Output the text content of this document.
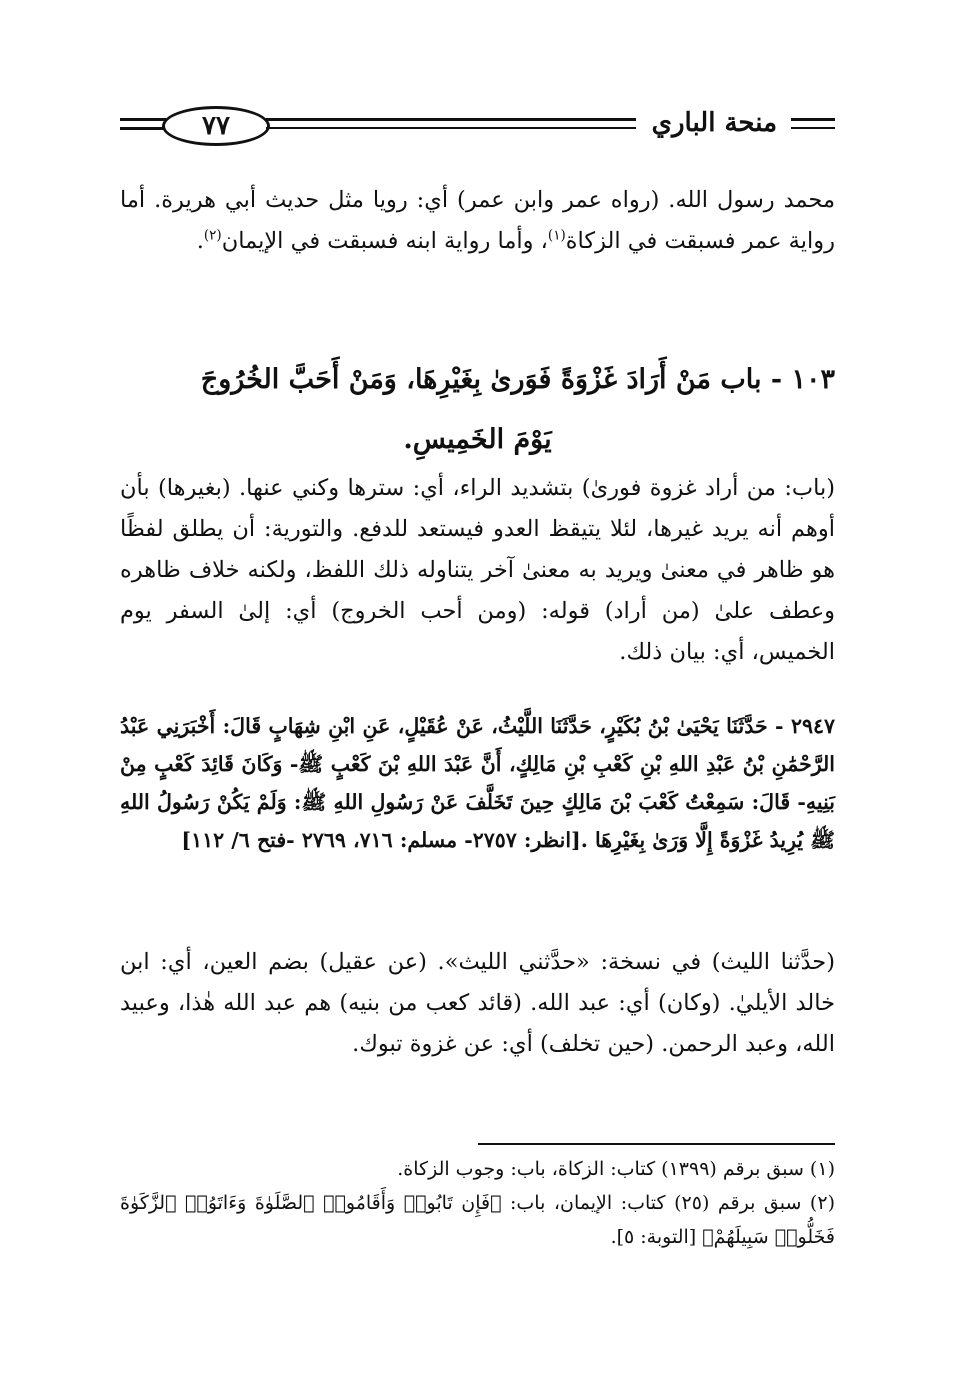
٧٧	منحة الباري

محمد رسول الله. (رواه عمر وابن عمر) أي: رويا مثل حديث أبي هريرة. أما رواية عمر فسبقت في الزكاة$^{(١)}$، وأما رواية ابنه فسبقت في الإيمان$^{(٢)}$.

١٠٣ - باب مَنْ أَرَادَ غَزْوَةً فَوَرىٰ بِغَيْرِهَا، وَمَنْ أَحَبَّ الخُرُوجَ
يَوْمَ الخَمِيسِ.

(باب: من أراد غزوة فورىٰ) بتشديد الراء، أي: سترها وكني عنها. (بغيرها) بأن أوهم أنه يريد غيرها، لئلا يتيقظ العدو فيستعد للدفع. والتورية: أن يطلق لفظًا هو ظاهر في معنىٰ ويريد به معنىٰ آخر يتناوله ذلك اللفظ، ولكنه خلاف ظاهره وعطف علىٰ (من أراد) قوله: (ومن أحب الخروج) أي: إلىٰ السفر يوم الخميس، أي: بيان ذلك.

٢٩٤٧ - حَدَّثَنَا يَحْيَىٰ بْنُ بُكَيْرٍ، حَدَّثَنَا اللَّيْثُ، عَنْ عُقَيْلٍ، عَنِ ابْنِ شِهَابٍ قَالَ: أَخْبَرَنِي عَبْدُ الرَّحْمَٰنِ بْنُ عَبْدِ اللهِ بْنِ كَعْبِ بْنِ مَالِكٍ، أَنَّ عَبْدَ اللهِ بْنَ كَعْبٍ ﷺ- وَكَانَ قَائِدَ كَعْبٍ مِنْ بَنِيهِ- قَالَ: سَمِعْتُ كَعْبَ بْنَ مَالِكٍ حِينَ تَخَلَّفَ عَنْ رَسُولِ اللهِ ﷺ: وَلَمْ يَكُنْ رَسُولُ اللهِ ﷺ يُرِيدُ غَزْوَةً إِلَّا وَرَىٰ بِغَيْرِهَا .[انظر: ٢٧٥٧- مسلم: ٧١٦، ٢٧٦٩ -فتح ٦/ ١١٢]

(حدَّثنا الليث) في نسخة: «حدَّثني الليث». (عن عقيل) بضم العين، أي: ابن خالد الأيليٰ. (وكان) أي: عبد الله. (قائد كعب من بنيه) هم عبد الله هٰذا، وعبيد الله، وعبد الرحمن. (حين تخلف) أي: عن غزوة تبوك.

(١) سبق برقم (١٣٩٩) كتاب: الزكاة، باب: وجوب الزكاة.

(٢) سبق برقم (٢٥) كتاب: الإيمان، باب: ﴿فَإِن تَابُوا۟ وَأَقَامُوا۟ ٱلصَّلَوٰةَ وَءَاتَوُا۟ ٱلزَّكَوٰةَ فَخَلُّوا۟ سَبِيلَهُمْ﴾ [التوبة: ٥].
